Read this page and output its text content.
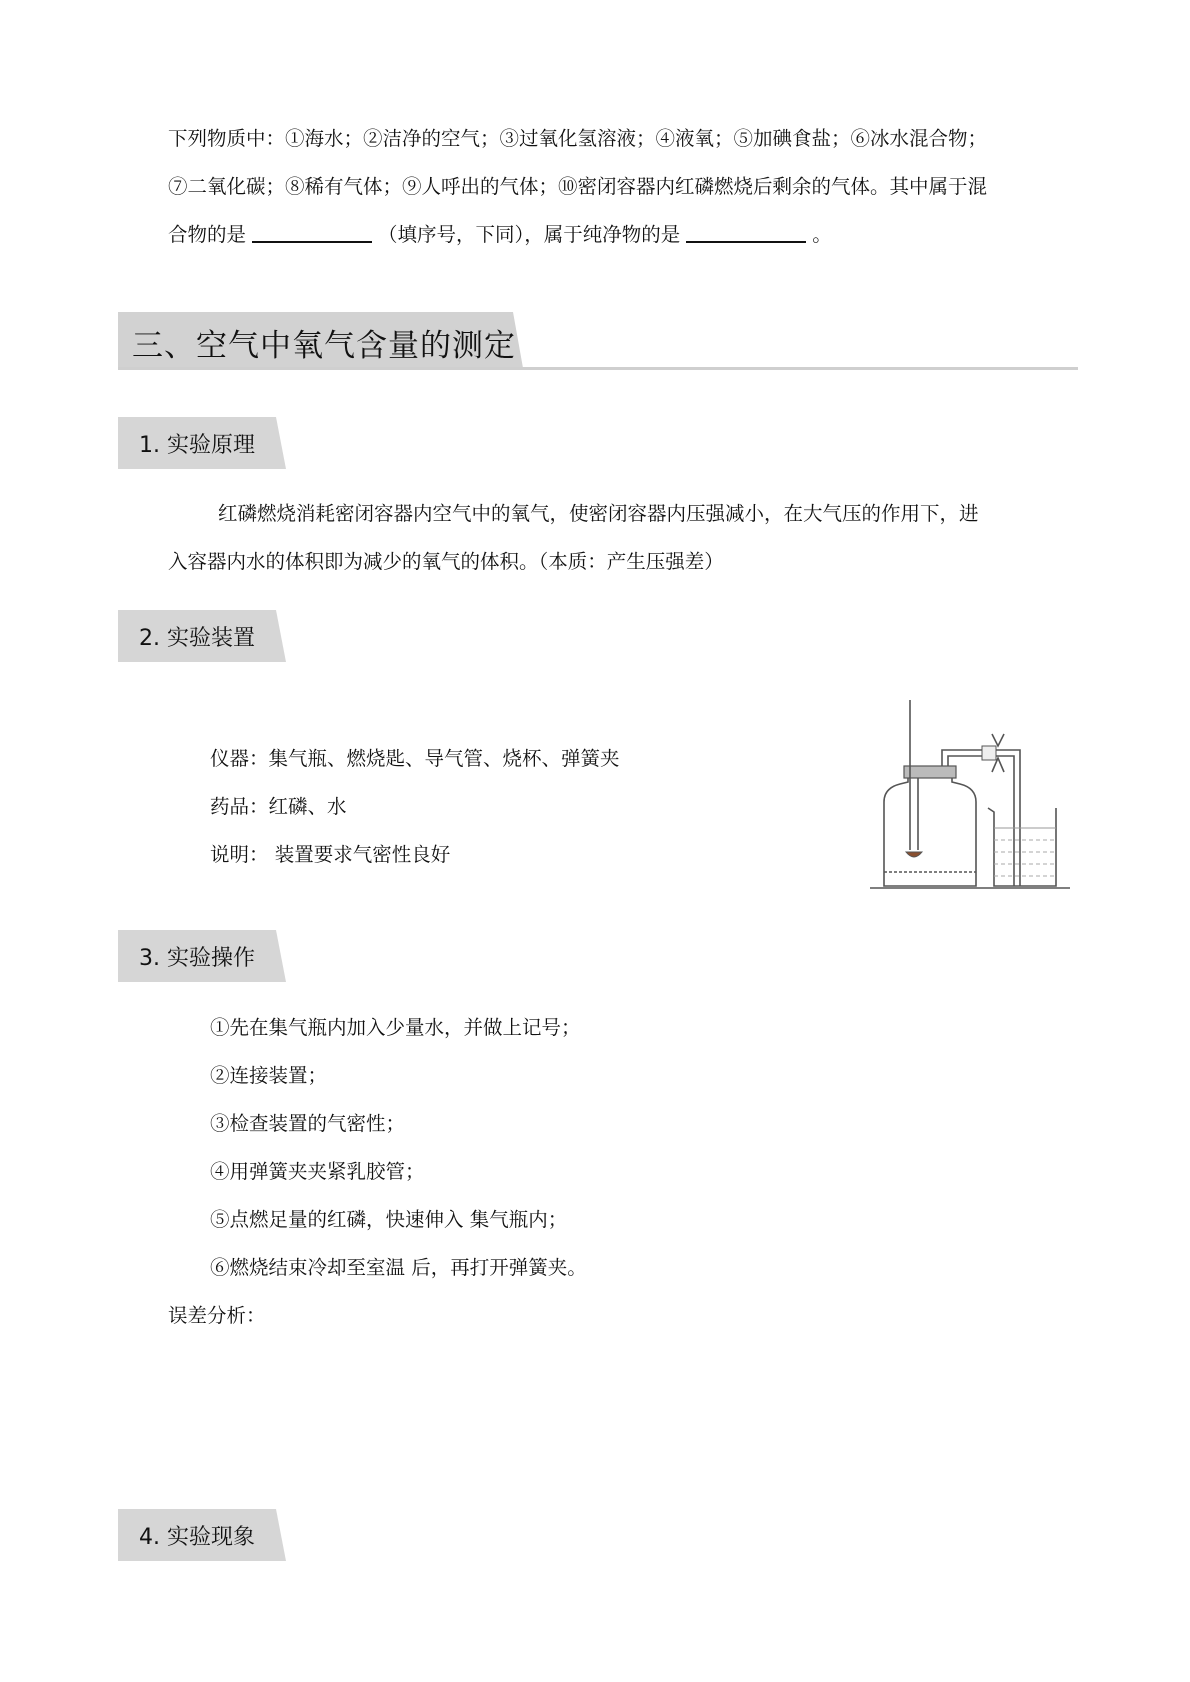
下列物质中：①海水；②洁净的空气；③过氧化氢溶液；④液氧；⑤加碘食盐；⑥冰水混合物；

⑦二氧化碳；⑧稀有气体；⑨人呼出的气体；⑩密闭容器内红磷燃烧后剩余的气体。其中属于混

合物的是	（填序号，下同），属于纯净物的是	。

三、空气中氧气含量的测定
1. 实验原理

红磷燃烧消耗密闭容器内空气中的氧气，使密闭容器内压强减小，在大气压的作用下，进

入容器内水的体积即为减少的氧气的体积。（本质：产生压强差）

2. 实验装置
仪器：集气瓶、燃烧匙、导气管、烧杯、弹簧夹
药品：红磷、水
说明： 装置要求气密性良好
3. 实验操作
①先在集气瓶内加入少量水，并做上记号；
②连接装置；
③检查装置的气密性；
④用弹簧夹夹紧乳胶管；
⑤点燃足量的红磷，快速伸入 集气瓶内；
⑥燃烧结束冷却至室温 后，再打开弹簧夹。
误差分析：
4. 实验现象
